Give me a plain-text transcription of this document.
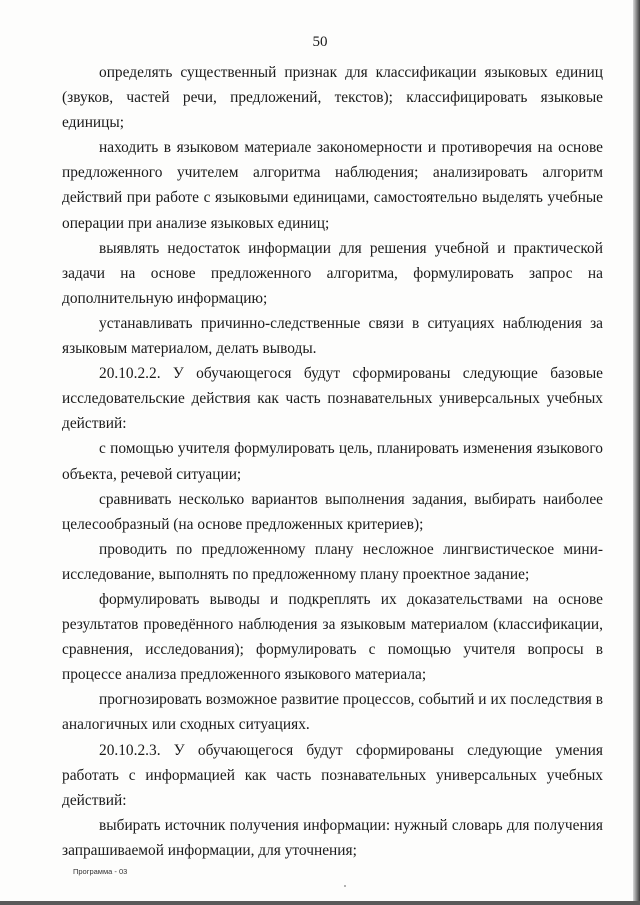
50

определять существенный признак для классификации языковых единиц (звуков, частей речи, предложений, текстов); классифицировать языковые единицы;

находить в языковом материале закономерности и противоречия на основе предложенного учителем алгоритма наблюдения; анализировать алгоритм действий при работе с языковыми единицами, самостоятельно выделять учебные операции при анализе языковых единиц;

выявлять недостаток информации для решения учебной и практической задачи на основе предложенного алгоритма, формулировать запрос на дополнительную информацию;

устанавливать причинно-следственные связи в ситуациях наблюдения за языковым материалом, делать выводы.

20.10.2.2. У обучающегося будут сформированы следующие базовые исследовательские действия как часть познавательных универсальных учебных действий:

с помощью учителя формулировать цель, планировать изменения языкового объекта, речевой ситуации;

сравнивать несколько вариантов выполнения задания, выбирать наиболее целесообразный (на основе предложенных критериев);

проводить по предложенному плану несложное лингвистическое мини-исследование, выполнять по предложенному плану проектное задание;

формулировать выводы и подкреплять их доказательствами на основе результатов проведённого наблюдения за языковым материалом (классификации, сравнения, исследования); формулировать с помощью учителя вопросы в процессе анализа предложенного языкового материала;

прогнозировать возможное развитие процессов, событий и их последствия в аналогичных или сходных ситуациях.

20.10.2.3. У обучающегося будут сформированы следующие умения работать с информацией как часть познавательных универсальных учебных действий:

выбирать источник получения информации: нужный словарь для получения запрашиваемой информации, для уточнения;

Программа - 03
